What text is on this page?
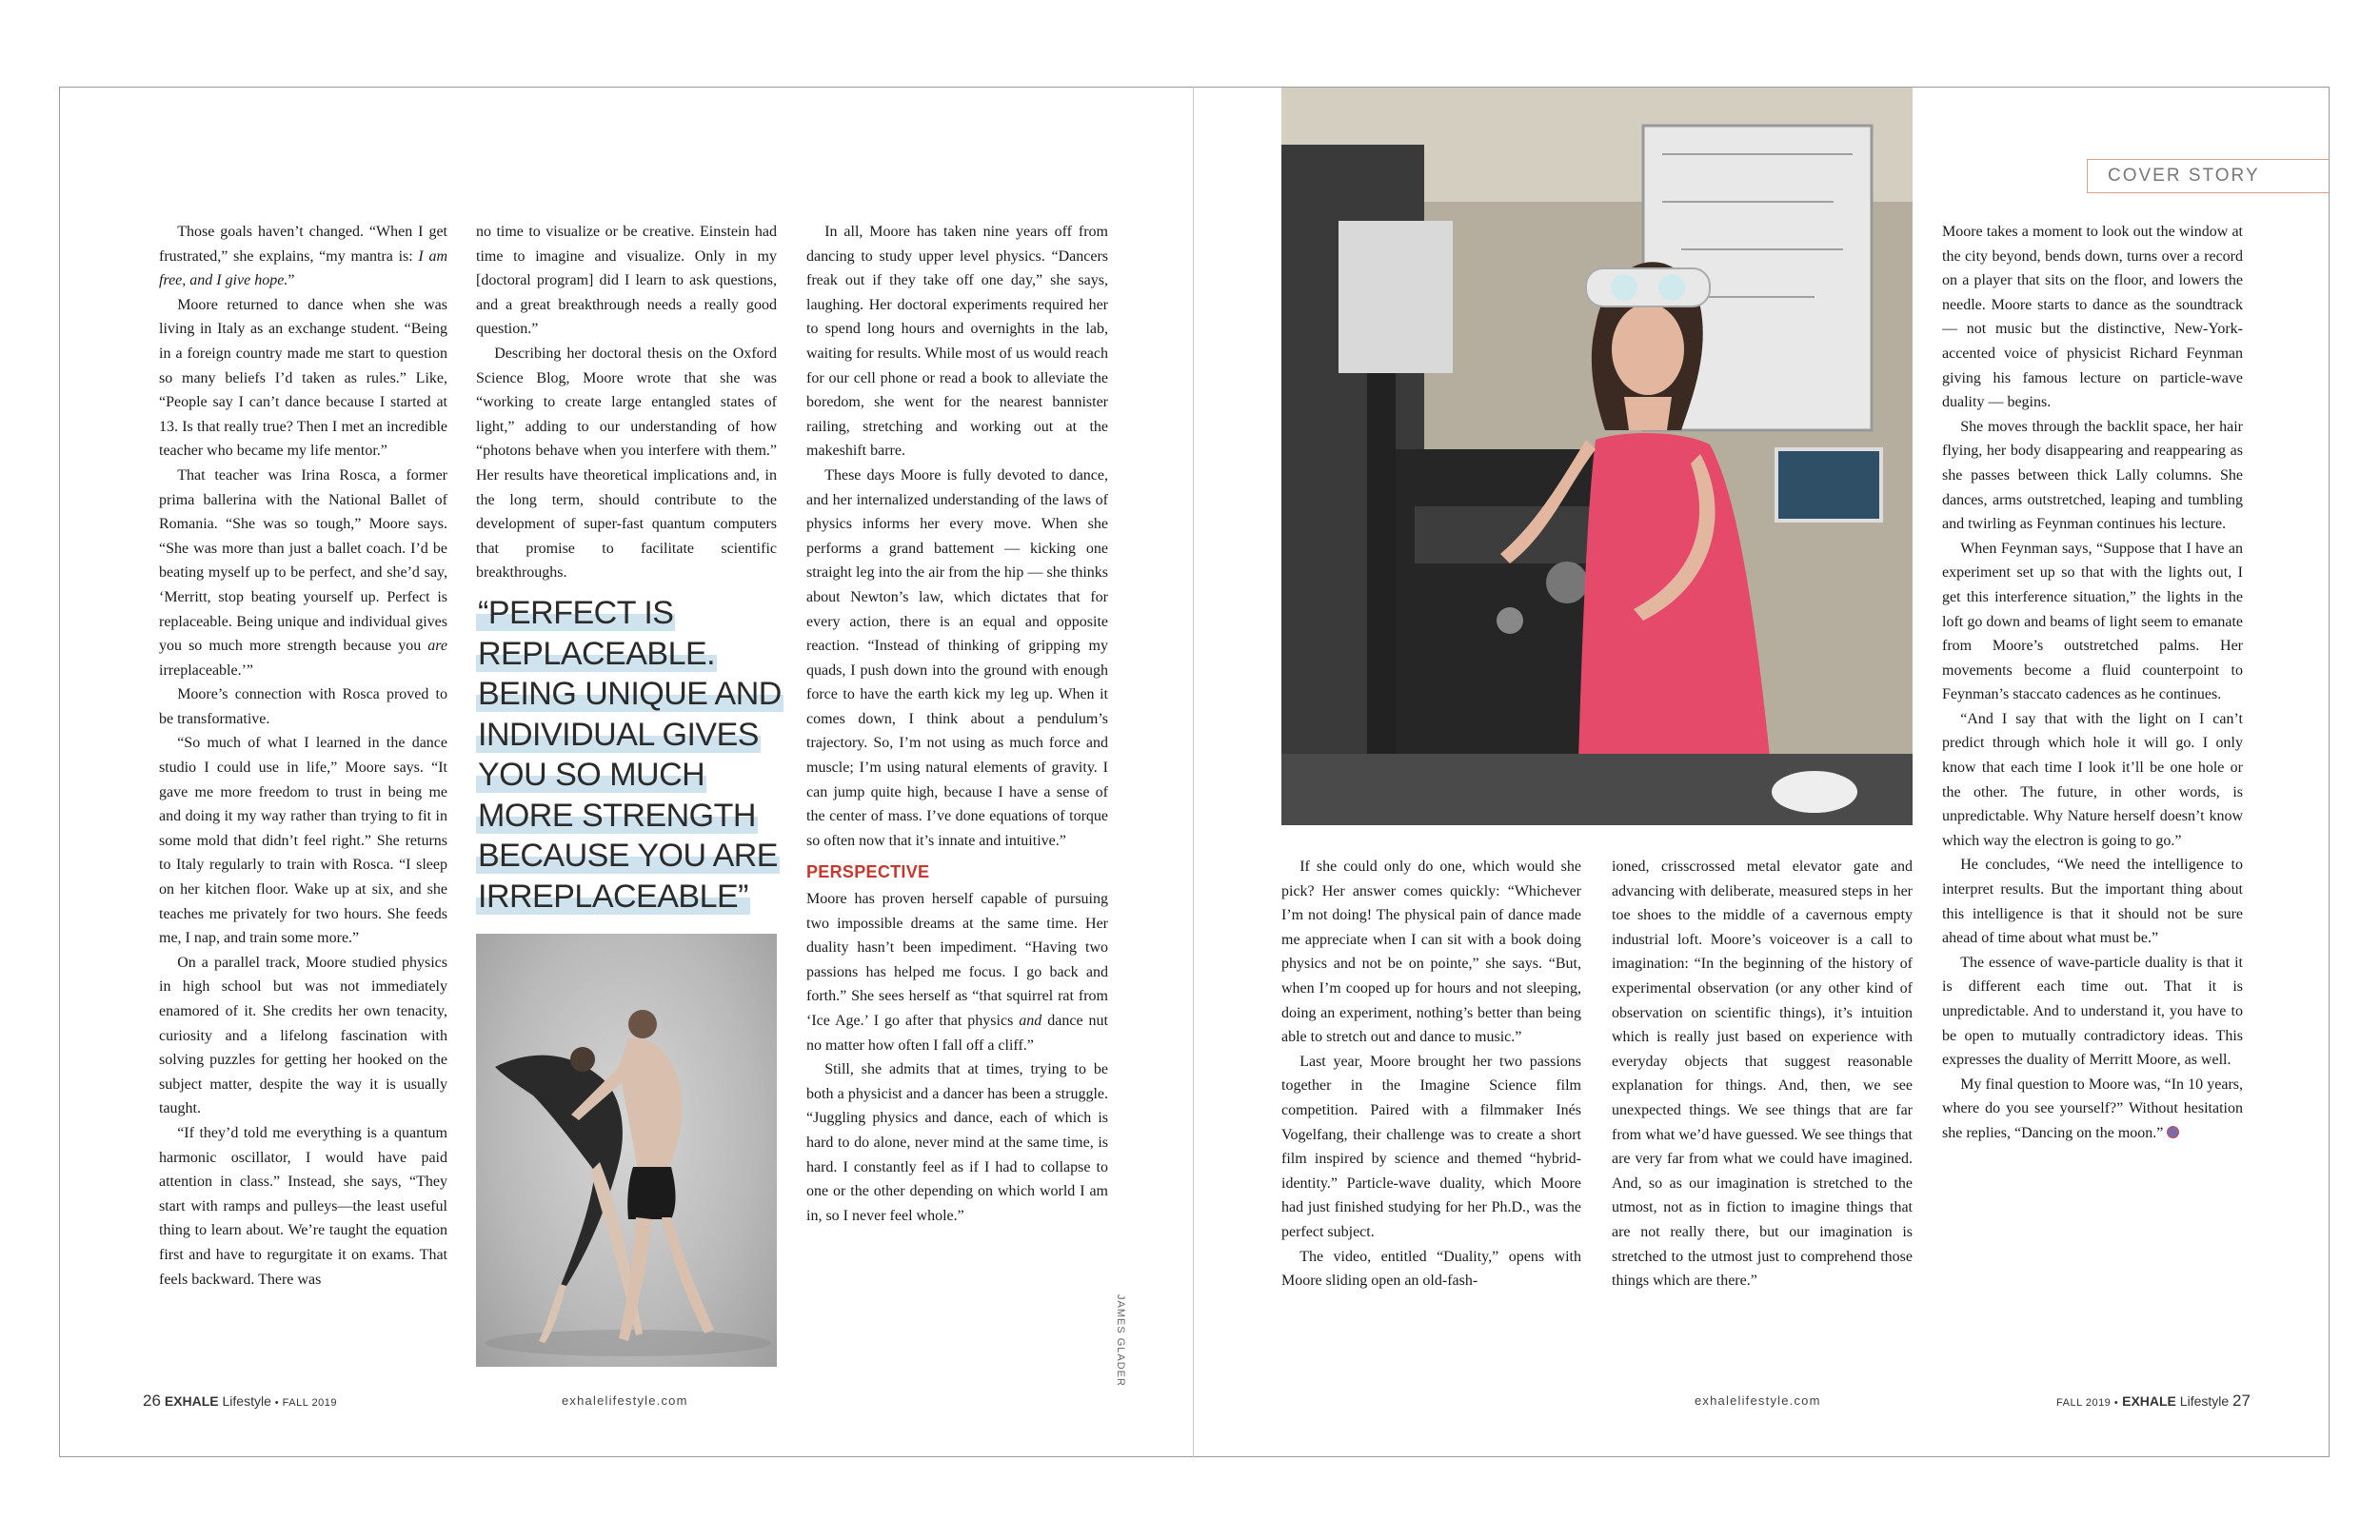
Those goals haven’t changed. “When I get frustrated,” she explains, “my mantra is: I am free, and I give hope.”

Moore returned to dance when she was living in Italy as an exchange student. “Being in a foreign country made me start to question so many beliefs I’d taken as rules.” Like, “People say I can’t dance because I started at 13. Is that really true? Then I met an incredible teacher who became my life mentor.”

That teacher was Irina Rosca, a former prima ballerina with the National Ballet of Romania. “She was so tough,” Moore says. “She was more than just a ballet coach. I’d be beating myself up to be perfect, and she’d say, ‘Merritt, stop beating yourself up. Perfect is replaceable. Being unique and individual gives you so much more strength because you are irreplaceable.’”

Moore’s connection with Rosca proved to be transformative.

“So much of what I learned in the dance studio I could use in life,” Moore says. “It gave me more freedom to trust in being me and doing it my way rather than trying to fit in some mold that didn’t feel right.” She returns to Italy regularly to train with Rosca. “I sleep on her kitchen floor. Wake up at six, and she teaches me privately for two hours. She feeds me, I nap, and train some more.”

On a parallel track, Moore studied physics in high school but was not immediately enamored of it. She credits her own tenacity, curiosity and a lifelong fascination with solving puzzles for getting her hooked on the subject matter, despite the way it is usually taught.

“If they’d told me everything is a quantum harmonic oscillator, I would have paid attention in class.” Instead, she says, “They start with ramps and pulleys—the least useful thing to learn about. We’re taught the equation first and have to regurgitate it on exams. That feels backward. There was

no time to visualize or be creative. Einstein had time to imagine and visualize. Only in my [doctoral program] did I learn to ask questions, and a great breakthrough needs a really good question.”

Describing her doctoral thesis on the Oxford Science Blog, Moore wrote that she was “working to create large entangled states of light,” adding to our understanding of how “photons behave when you interfere with them.” Her results have theoretical implications and, in the long term, should contribute to the development of super-fast quantum computers that promise to facilitate scientific breakthroughs.

“PERFECT IS
REPLACEABLE.
BEING UNIQUE AND
INDIVIDUAL GIVES
YOU SO MUCH
MORE STRENGTH
BECAUSE YOU ARE
IRREPLACEABLE”

In all, Moore has taken nine years off from dancing to study upper level physics. “Dancers freak out if they take off one day,” she says, laughing. Her doctoral experiments required her to spend long hours and overnights in the lab, waiting for results. While most of us would reach for our cell phone or read a book to alleviate the boredom, she went for the nearest bannister railing, stretching and working out at the makeshift barre.

These days Moore is fully devoted to dance, and her internalized understanding of the laws of physics informs her every move. When she performs a grand battement — kicking one straight leg into the air from the hip — she thinks about Newton’s law, which dictates that for every action, there is an equal and opposite reaction. “Instead of thinking of gripping my quads, I push down into the ground with enough force to have the earth kick my leg up. When it comes down, I think about a pendulum’s trajectory. So, I’m not using as much force and muscle; I’m using natural elements of gravity. I can jump quite high, because I have a sense of the center of mass. I’ve done equations of torque so often now that it’s innate and intuitive.”

PERSPECTIVE

Moore has proven herself capable of pursuing two impossible dreams at the same time. Her duality hasn’t been impediment. “Having two passions has helped me focus. I go back and forth.” She sees herself as “that squirrel rat from ‘Ice Age.’ I go after that physics and dance nut no matter how often I fall off a cliff.”

Still, she admits that at times, trying to be both a physicist and a dancer has been a struggle. “Juggling physics and dance, each of which is hard to do alone, never mind at the same time, is hard. I constantly feel as if I had to collapse to one or the other depending on which world I am in, so I never feel whole.”

JAMES GLADER
26 EXHALE Lifestyle • FALL 2019	exhalelifestyle.com
COVER STORY

If she could only do one, which would she pick? Her answer comes quickly: “Whichever I’m not doing! The physical pain of dance made me appreciate when I can sit with a book doing physics and not be on pointe,” she says. “But, when I’m cooped up for hours and not sleeping, doing an experiment, nothing’s better than being able to stretch out and dance to music.”

Last year, Moore brought her two passions together in the Imagine Science film competition. Paired with a filmmaker Inés Vogelfang, their challenge was to create a short film inspired by science and themed “hybrid-identity.” Particle-wave duality, which Moore had just finished studying for her Ph.D., was the perfect subject.

The video, entitled “Duality,” opens with Moore sliding open an old-fash-

ioned, crisscrossed metal elevator gate and advancing with deliberate, measured steps in her toe shoes to the middle of a cavernous empty industrial loft. Moore’s voiceover is a call to imagination: “In the beginning of the history of experimental observation (or any other kind of observation on scientific things), it’s intuition which is really just based on experience with everyday objects that suggest reasonable explanation for things. And, then, we see unexpected things. We see things that are far from what we’d have guessed. We see things that are very far from what we could have imagined. And, so as our imagination is stretched to the utmost, not as in fiction to imagine things that are not really there, but our imagination is stretched to the utmost just to comprehend those things which are there.”

Moore takes a moment to look out the window at the city beyond, bends down, turns over a record on a player that sits on the floor, and lowers the needle. Moore starts to dance as the soundtrack — not music but the distinctive, New-York-accented voice of physicist Richard Feynman giving his famous lecture on particle-wave duality — begins.

She moves through the backlit space, her hair flying, her body disappearing and reappearing as she passes between thick Lally columns. She dances, arms outstretched, leaping and tumbling and twirling as Feynman continues his lecture.

When Feynman says, “Suppose that I have an experiment set up so that with the lights out, I get this interference situation,” the lights in the loft go down and beams of light seem to emanate from Moore’s outstretched palms. Her movements become a fluid counterpoint to Feynman’s staccato cadences as he continues.

“And I say that with the light on I can’t predict through which hole it will go. I only know that each time I look it’ll be one hole or the other. The future, in other words, is unpredictable. Why Nature herself doesn’t know which way the electron is going to go.”

He concludes, “We need the intelligence to interpret results. But the important thing about this intelligence is that it should not be sure ahead of time about what must be.”

The essence of wave-particle duality is that it is different each time out. That it is unpredictable. And to understand it, you have to be open to mutually contradictory ideas. This expresses the duality of Merritt Moore, as well.

My final question to Moore was, “In 10 years, where do you see yourself?” Without hesitation she replies, “Dancing on the moon.”

exhalelifestyle.com	FALL 2019 • EXHALE Lifestyle 27
